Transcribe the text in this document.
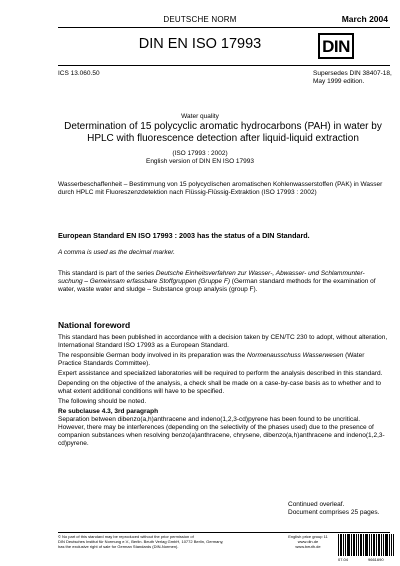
DEUTSCHE NORM	March 2004
DIN EN ISO 17993	DIN
ICS 13.060.50	Supersedes DIN 38407-18,
May 1999 edition.
Water quality
Determination of 15 polycyclic aromatic hydrocarbons (PAH) in water by HPLC with fluorescence detection after liquid-liquid extraction
(ISO 17993 : 2002)
English version of DIN EN ISO 17993
Wasserbeschaffenheit – Bestimmung von 15 polycyclischen aromatischen Kohlenwasserstoffen (PAK) in Wasser durch HPLC mit Fluoreszenzdetektion nach Flüssig-Flüssig-Extraktion (ISO 17993 : 2002)
European Standard EN ISO 17993 : 2003 has the status of a DIN Standard.
A comma is used as the decimal marker.
This standard is part of the series Deutsche Einheitsverfahren zur Wasser-, Abwasser- und Schlammunter-suchung – Gemeinsam erfassbare Stoffgruppen (Gruppe F) (German standard methods for the examination of water, waste water and sludge – Substance group analysis (group F).
National foreword

This standard has been published in accordance with a decision taken by CEN/TC 230 to adopt, without alteration, International Standard ISO 17993 as a European Standard.

The responsible German body involved in its preparation was the Normenausschuss Wasserwesen (Water Practice Standards Committee).

Expert assistance and specialized laboratories will be required to perform the analysis described in this standard.

Depending on the objective of the analysis, a check shall be made on a case-by-case basis as to whether and to what extent additional conditions will have to be specified.

The following should be noted.

Re subclause 4.3, 3rd paragraph

Separation between dibenzo(a,h)anthracene and indeno(1,2,3-cd)pyrene has been found to be uncritical. However, there may be interferences (depending on the selectivity of the phases used) due to the presence of companion substances when resolving benzo(a)anthracene, chrysene, dibenzo(a,h)anthracene and indeno(1,2,3-cd)pyrene.

Continued overleaf.
Document comprises 25 pages.
© No part of this standard may be reproduced without the prior permission of
DIN Deutsches Institut für Normung e.V., Berlin. Beuth Verlag GmbH, 10772 Berlin, Germany,
has the exclusive right of sale for German Standards (DIN-Normen).
English price group 11
www.din.de
www.beuth.de
07.04	9661690
